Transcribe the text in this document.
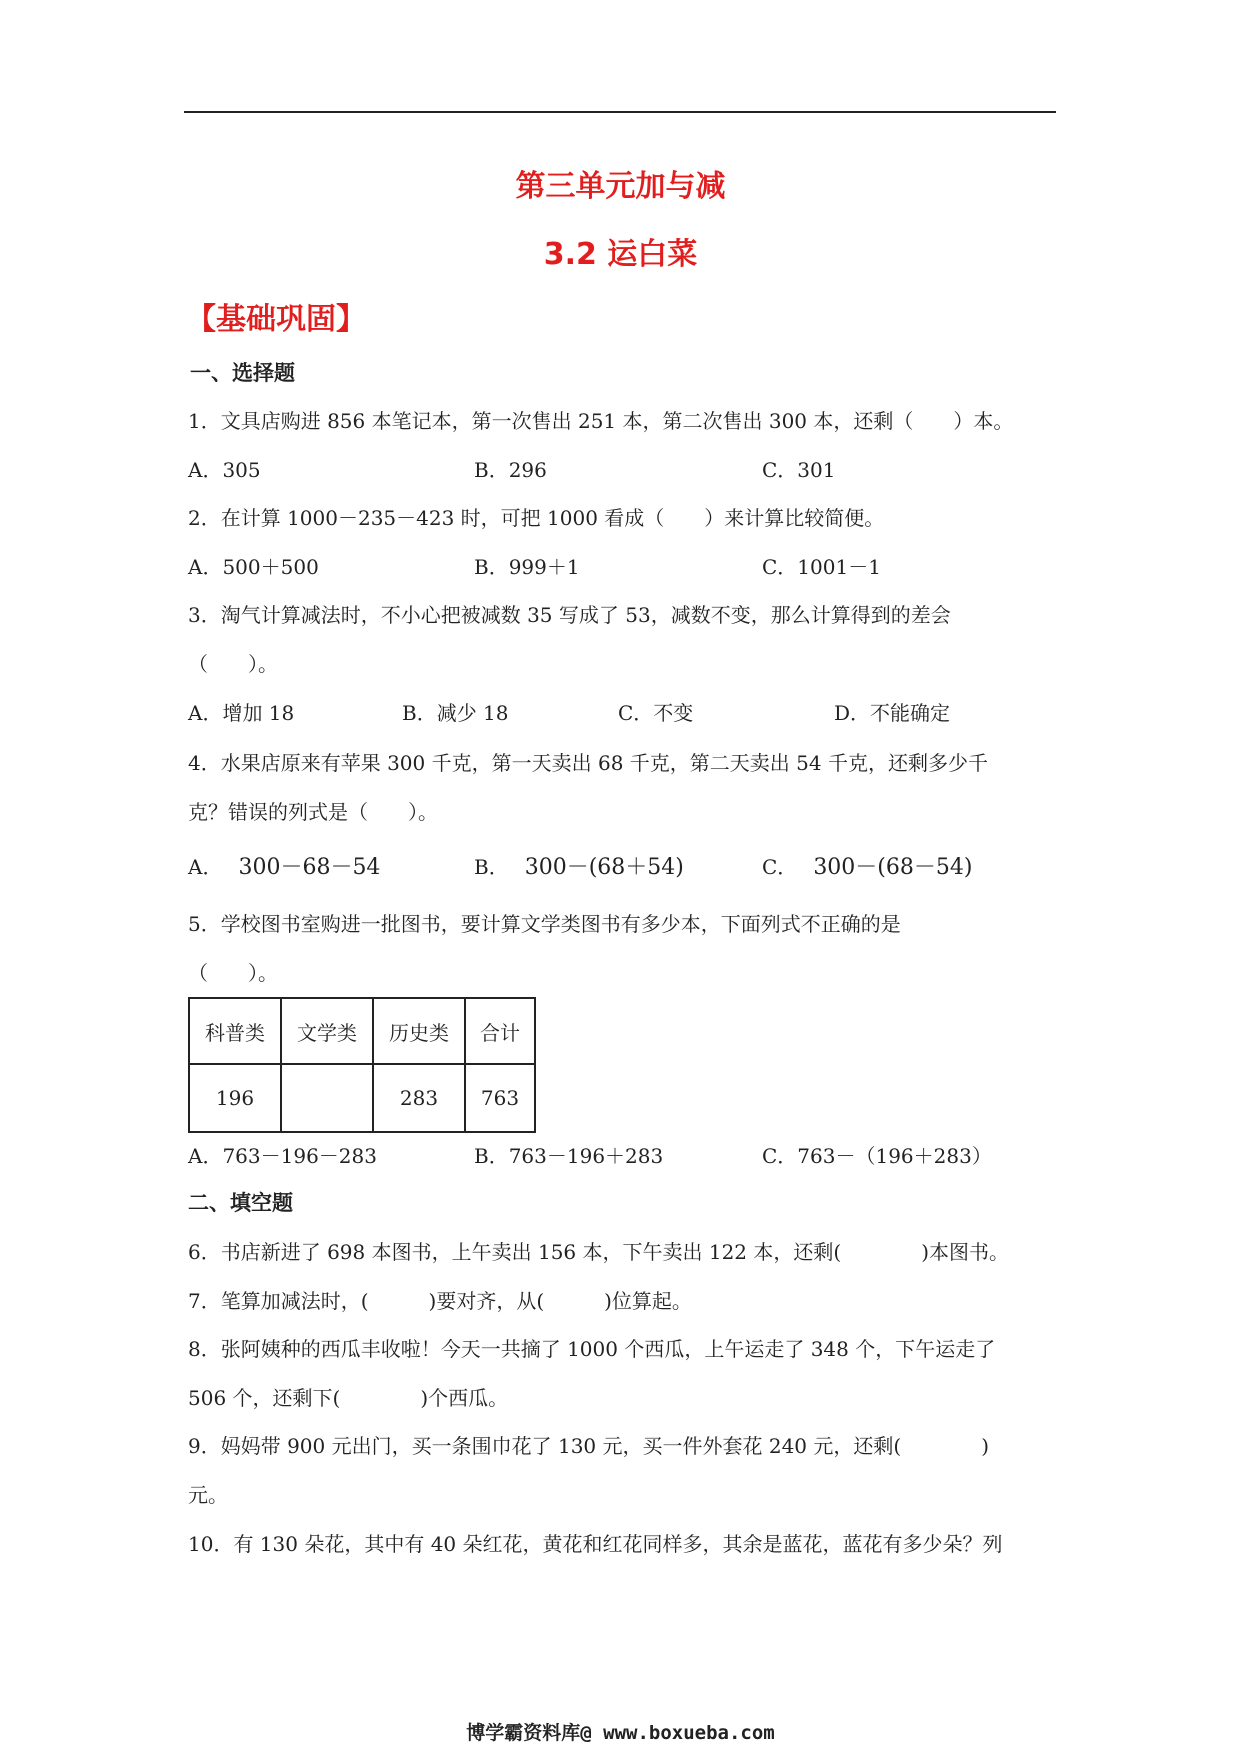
第三单元加与减
3.2 运白菜
【基础巩固】
一、选择题
1．文具店购进 856 本笔记本，第一次售出 251 本，第二次售出 300 本，还剩（　　）本。
A．305	B．296	C．301
2．在计算 1000－235－423 时，可把 1000 看成（　　）来计算比较简便。
A．500＋500	B．999＋1	C．1001－1
3．淘气计算减法时，不小心把被减数 35 写成了 53，减数不变，那么计算得到的差会
（　　）。
A．增加 18	B．减少 18	C．不变	D．不能确定
4．水果店原来有苹果 300 千克，第一天卖出 68 千克，第二天卖出 54 千克，还剩多少千
克？错误的列式是（　　）。
A． 300－68－54	B． 300－(68＋54)	C． 300－(68－54)
5．学校图书室购进一批图书，要计算文学类图书有多少本，下面列式不正确的是
（　　）。
科普类	文学类	历史类	合计
196		283	763
A．763－196－283	B．763－196＋283	C．763－（196＋283）
二、填空题
6．书店新进了 698 本图书，上午卖出 156 本，下午卖出 122 本，还剩(　　　　)本图书。
7．笔算加减法时，(　　　)要对齐，从(　　　)位算起。
8．张阿姨种的西瓜丰收啦！今天一共摘了 1000 个西瓜，上午运走了 348 个，下午运走了
506 个，还剩下(　　　　)个西瓜。
9．妈妈带 900 元出门，买一条围巾花了 130 元，买一件外套花 240 元，还剩(　　　　)
元。
10．有 130 朵花，其中有 40 朵红花，黄花和红花同样多，其余是蓝花，蓝花有多少朵？列
博学霸资料库@ www.boxueba.com
